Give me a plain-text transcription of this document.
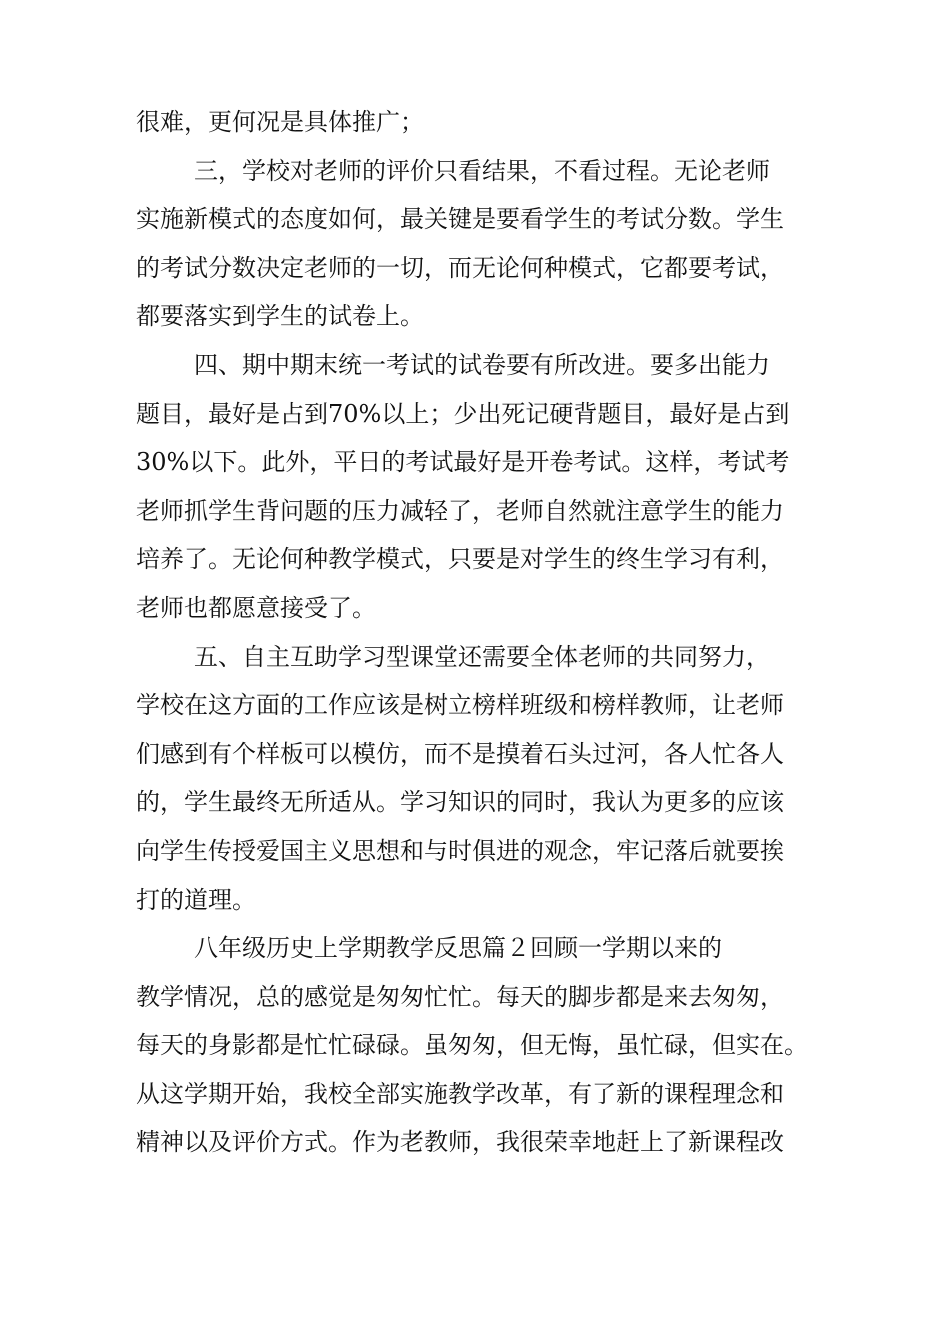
很难，更何况是具体推广；

三，学校对老师的评价只看结果，不看过程。无论老师

实施新模式的态度如何，最关键是要看学生的考试分数。学生

的考试分数决定老师的一切，而无论何种模式，它都要考试，

都要落实到学生的试卷上。

四、期中期末统一考试的试卷要有所改进。要多出能力

题目，最好是占到70%以上；少出死记硬背题目，最好是占到

30%以下。此外，平日的考试最好是开卷考试。这样，考试考

老师抓学生背问题的压力减轻了，老师自然就注意学生的能力

培养了。无论何种教学模式，只要是对学生的终生学习有利，

老师也都愿意接受了。

五、自主互助学习型课堂还需要全体老师的共同努力，

学校在这方面的工作应该是树立榜样班级和榜样教师，让老师

们感到有个样板可以模仿，而不是摸着石头过河，各人忙各人

的，学生最终无所适从。学习知识的同时，我认为更多的应该

向学生传授爱国主义思想和与时俱进的观念，牢记落后就要挨

打的道理。

八年级历史上学期教学反思篇２回顾一学期以来的

教学情况，总的感觉是匆匆忙忙。每天的脚步都是来去匆匆，

每天的身影都是忙忙碌碌。虽匆匆，但无悔，虽忙碌，但实在。

从这学期开始，我校全部实施教学改革，有了新的课程理念和

精神以及评价方式。作为老教师，我很荣幸地赶上了新课程改
